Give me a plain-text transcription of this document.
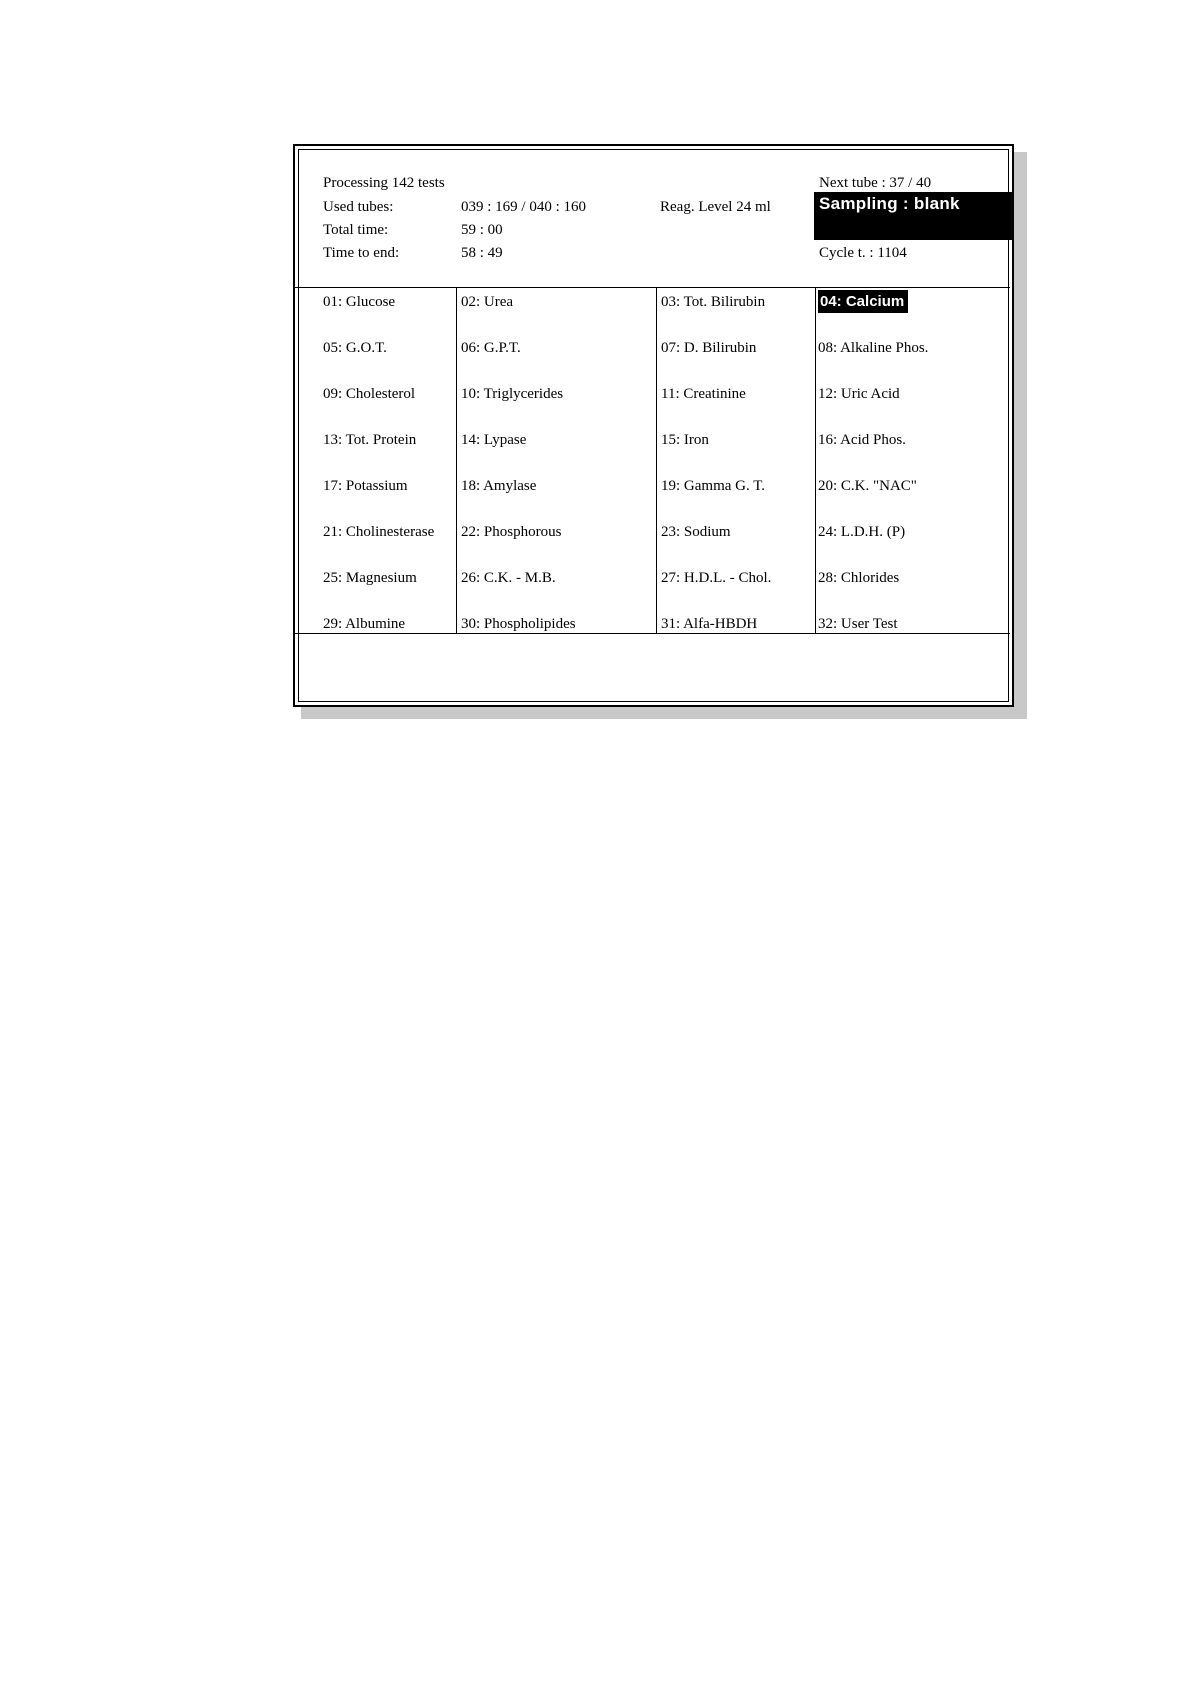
Processing 142 tests
Used tubes:	039 : 169 / 040 : 160
Total time:	59 : 00
Time to end:	58 : 49
Reag. Level 24 ml
Next tube : 37 / 40
Sampling : blank
Cycle t. : 1104
01: Glucose	02: Urea	03: Tot. Bilirubin	04: Calcium
05: G.O.T.	06: G.P.T.	07: D. Bilirubin	08: Alkaline Phos.
09: Cholesterol	10: Triglycerides	11: Creatinine	12: Uric Acid
13: Tot. Protein	14: Lypase	15: Iron	16: Acid Phos.
17: Potassium	18: Amylase	19: Gamma G. T.	20: C.K. "NAC"
21: Cholinesterase 22: Phosphorous	23: Sodium	24: L.D.H. (P)
25: Magnesium	26: C.K. - M.B.	27: H.D.L. - Chol.	28: Chlorides
29: Albumine	30: Phospholipides	31: Alfa-HBDH	32: User Test
